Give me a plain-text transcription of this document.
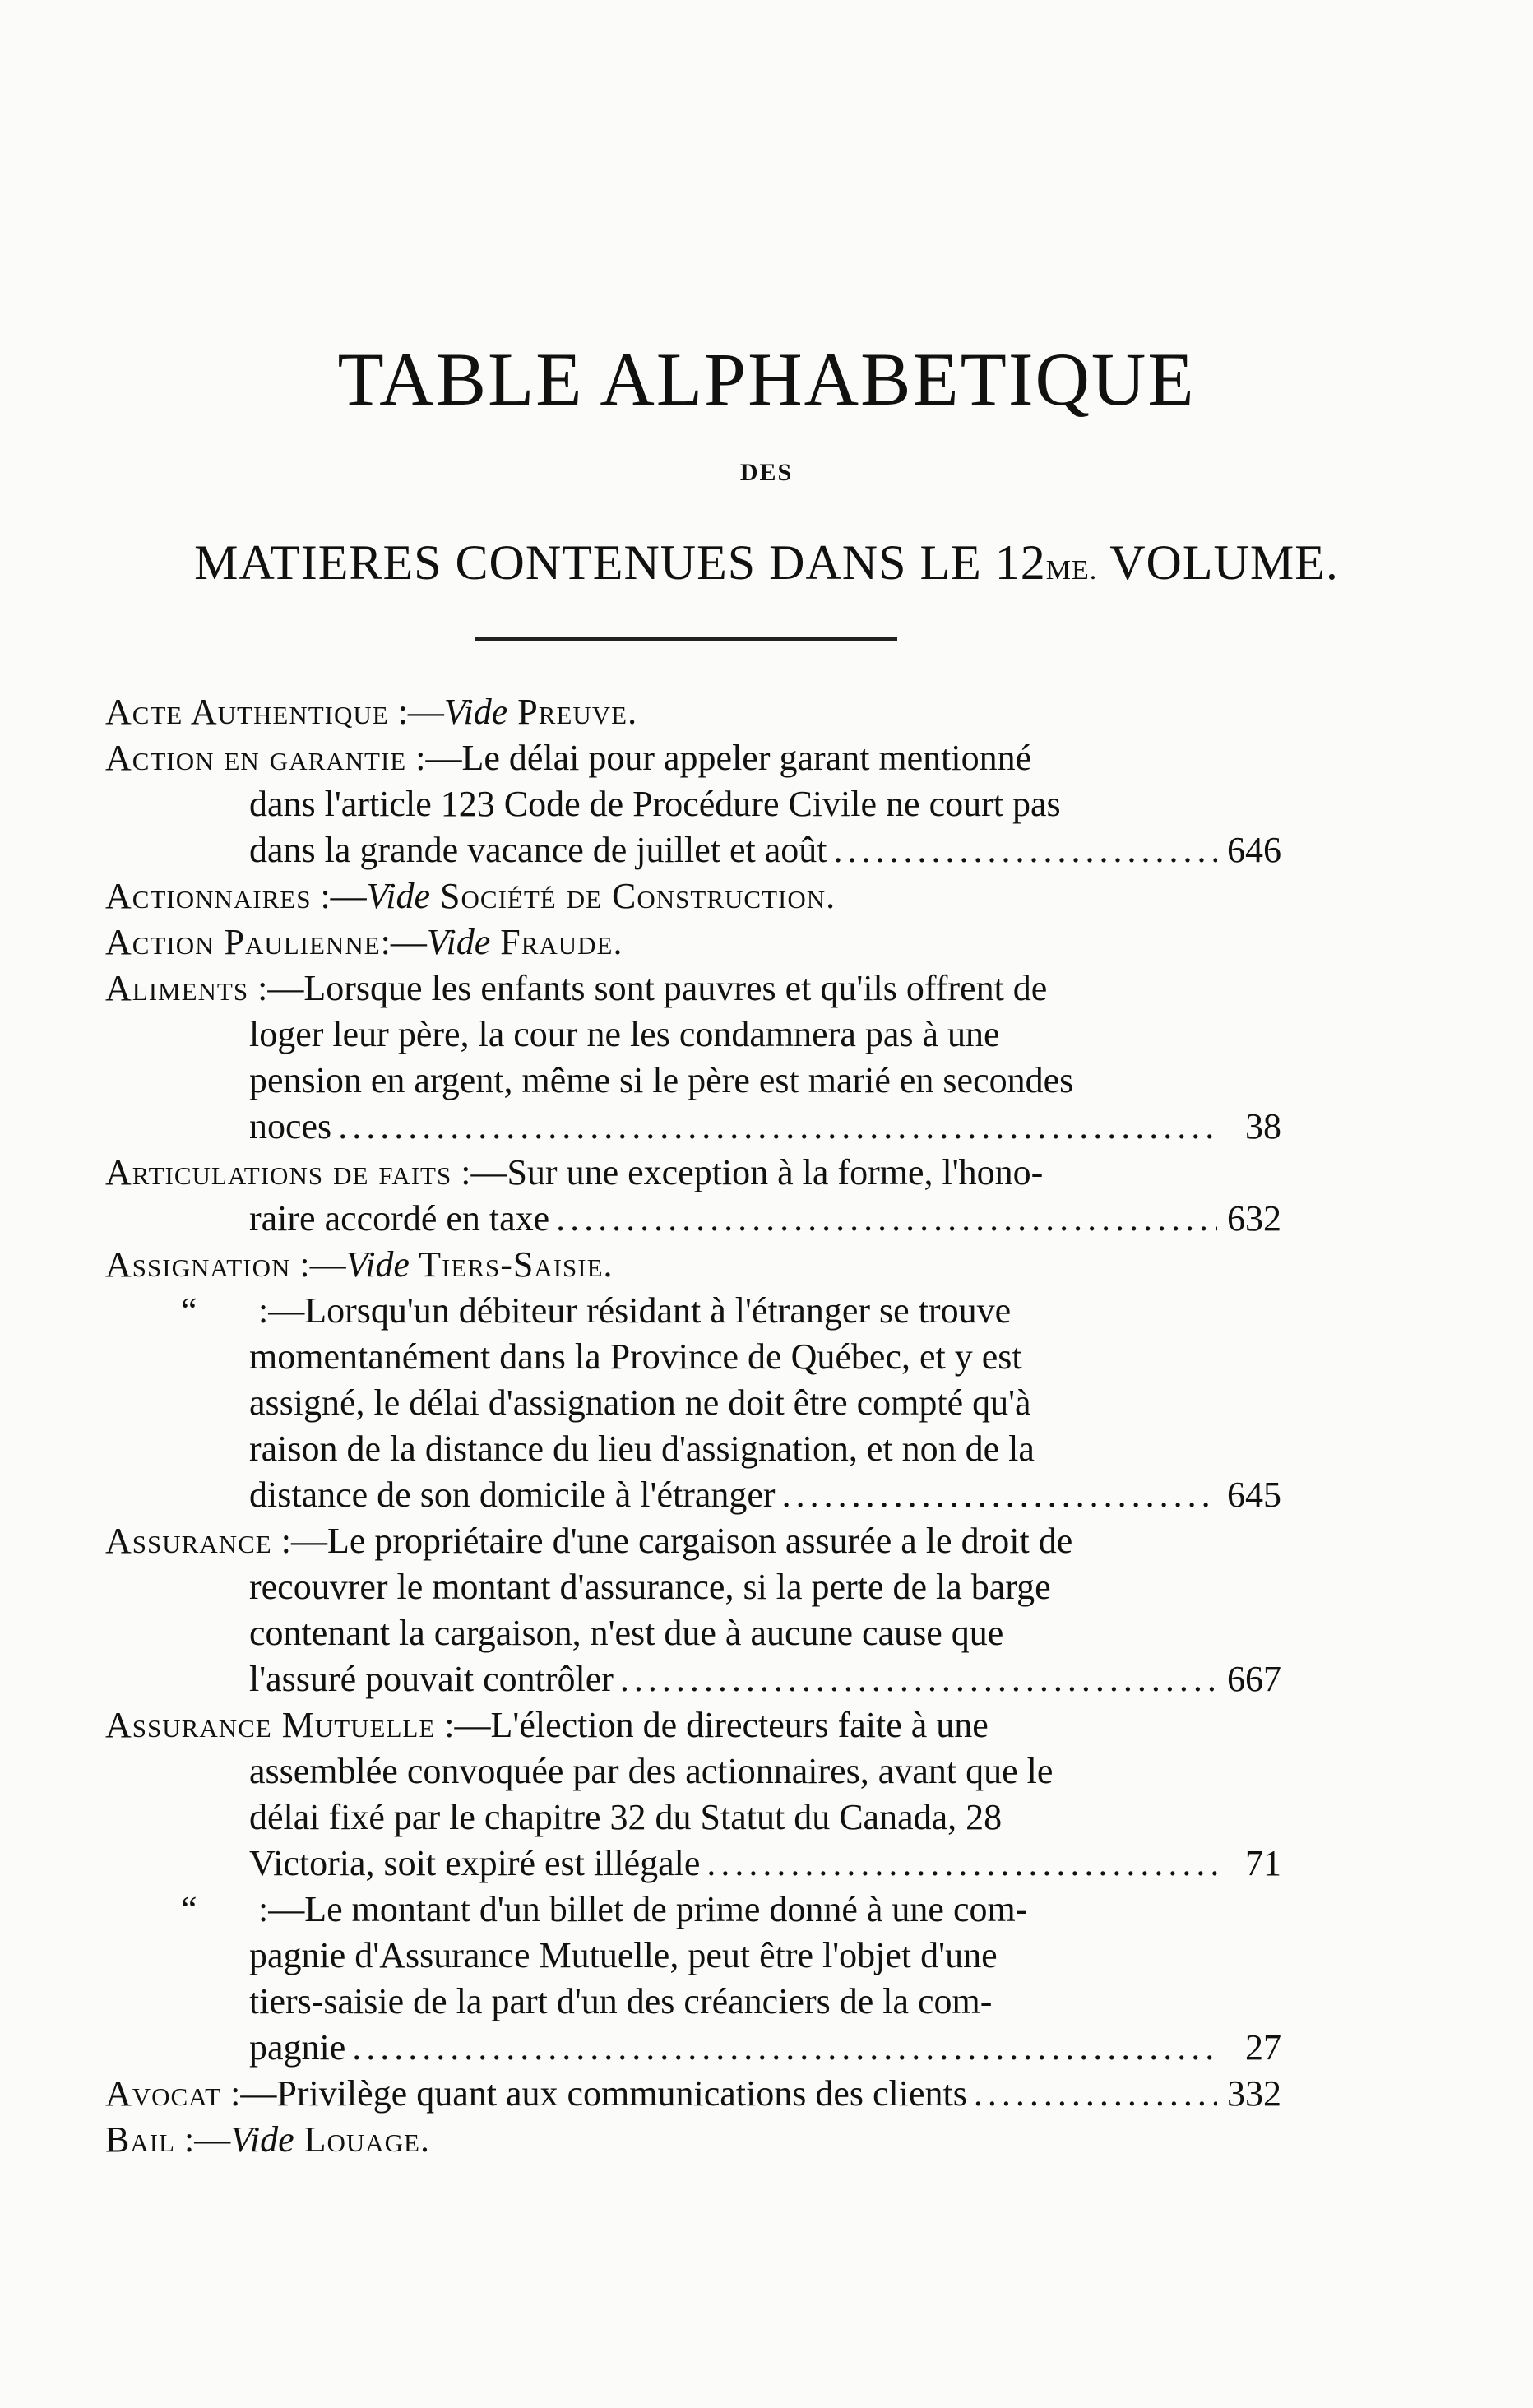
TABLE ALPHABETIQUE
DES
MATIERES CONTENUES DANS LE 12ME. VOLUME.
Acte Authentique :—Vide Preuve.
Action en garantie :—Le délai pour appeler garant mentionné
dans l'article 123 Code de Procédure Civile ne court pas
dans la grande vacance de juillet et août .....	646
Actionnaires :—Vide Société de Construction.
Action Paulienne:—Vide Fraude.
Aliments :—Lorsque les enfants sont pauvres et qu'ils offrent de
loger leur père, la cour ne les condamnera pas à une
pension en argent, même si le père est marié en secondes
noces .....	38
Articulations de faits :—Sur une exception à la forme, l'hono-
raire accordé en taxe .....	632
Assignation :—Vide Tiers-Saisie.
“ :—Lorsqu'un débiteur résidant à l'étranger se trouve
momentanément dans la Province de Québec, et y est
assigné, le délai d'assignation ne doit être compté qu'à
raison de la distance du lieu d'assignation, et non de la
distance de son domicile à l'étranger .....	645
Assurance :—Le propriétaire d'une cargaison assurée a le droit de
recouvrer le montant d'assurance, si la perte de la barge
contenant la cargaison, n'est due à aucune cause que
l'assuré pouvait contrôler .....	667
Assurance Mutuelle :—L'élection de directeurs faite à une
assemblée convoquée par des actionnaires, avant que le
délai fixé par le chapitre 32 du Statut du Canada, 28
Victoria, soit expiré est illégale .....	71
“ :—Le montant d'un billet de prime donné à une com-
pagnie d'Assurance Mutuelle, peut être l'objet d'une
tiers-saisie de la part d'un des créanciers de la com-
pagnie .....	27
Avocat :—Privilège quant aux communications des clients .....	332
Bail :—Vide Louage.
